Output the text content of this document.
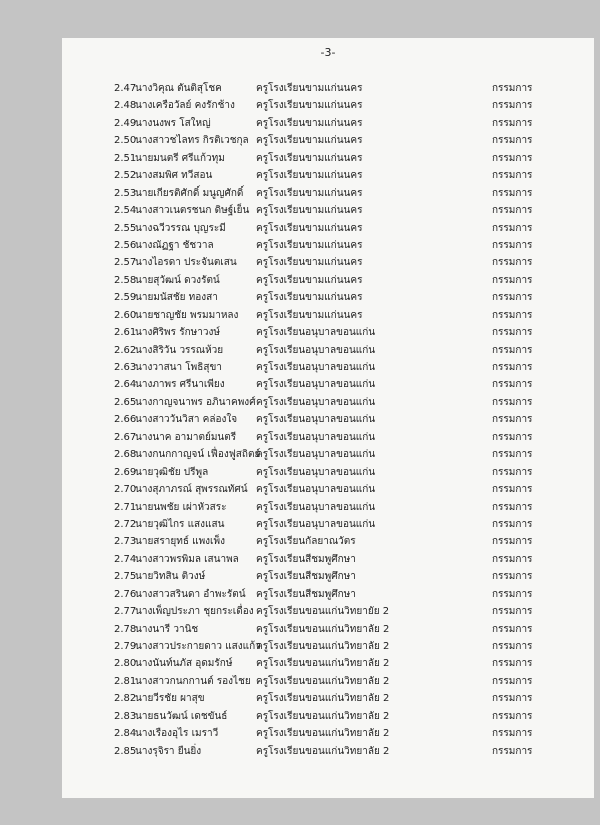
-3-
2.47
นางวิคุณ ตันติสุโชค	ครูโรงเรียนขามแก่นนคร	กรรมการ
2.48
นางเครือวัลย์ คงรักช้าง ครูโรงเรียนขามแก่นนคร	กรรมการ
2.49
นางนงพร โสใหญ่	ครูโรงเรียนขามแก่นนคร	กรรมการ
2.50
นางสาวชไลทร กิรติเวชกุล ครูโรงเรียนขามแก่นนคร	กรรมการ
2.51
นายมนตรี ศรีแก้วทุม	ครูโรงเรียนขามแก่นนคร	กรรมการ
2.52
นางสมพิศ ทวีสอน	ครูโรงเรียนขามแก่นนคร	กรรมการ
2.53
นายเกียรติศักดิ์ มนูญศักดิ์ ครูโรงเรียนขามแก่นนคร	กรรมการ
2.54
นางสาวเนตรชนก ดิษฐ์เย็น ครูโรงเรียนขามแก่นนคร	กรรมการ
2.55
นางฉวีวรรณ บุญระมี	ครูโรงเรียนขามแก่นนคร	กรรมการ
2.56
นางณัฏฐา ชัชวาล	ครูโรงเรียนขามแก่นนคร	กรรมการ
2.57
นางไอรดา ประจันตเสน ครูโรงเรียนขามแก่นนคร	กรรมการ
2.58
นายสุวัฒน์ ดวงรัตน์	ครูโรงเรียนขามแก่นนคร	กรรมการ
2.59
นายมนัสชัย ทองสา	ครูโรงเรียนขามแก่นนคร	กรรมการ
2.60
นายชาญชัย พรมมาหลง ครูโรงเรียนขามแก่นนคร	กรรมการ
2.61
นางศิริพร รักษาวงษ์	ครูโรงเรียนอนุบาลขอนแก่น	กรรมการ
2.62
นางสิริวัน วรรณห้วย	ครูโรงเรียนอนุบาลขอนแก่น	กรรมการ
2.63
นางวาสนา โพธิสุขา	ครูโรงเรียนอนุบาลขอนแก่น	กรรมการ
2.64
นางภาพร ศรีนาเพียง	ครูโรงเรียนอนุบาลขอนแก่น	กรรมการ
2.65
นางกาญจนาพร อภินาคพงศ์ ครูโรงเรียนอนุบาลขอนแก่น	กรรมการ
2.66
นางสาววันวิสา คล่องใจ ครูโรงเรียนอนุบาลขอนแก่น	กรรมการ
2.67
นางนาค อามาตย์มนตรี ครูโรงเรียนอนุบาลขอนแก่น	กรรมการ
2.68
นางกนกกาญจน์ เฟื่องฟูสถิตย์
ครูโรงเรียนอนุบาลขอนแก่น	กรรมการ
2.69
นายวุฒิชัย ปรีพูล	ครูโรงเรียนอนุบาลขอนแก่น	กรรมการ
2.70
นางสุภาภรณ์ สุพรรณทัศน์ ครูโรงเรียนอนุบาลขอนแก่น	กรรมการ
2.71
นายนพชัย เผ่าหัวสระ	ครูโรงเรียนอนุบาลขอนแก่น	กรรมการ
2.72
นายวุฒิไกร แสงแสน	ครูโรงเรียนอนุบาลขอนแก่น	กรรมการ
2.73
นายสรายุทธ์ แพงเพ็ง	ครูโรงเรียนกัลยาณวัตร	กรรมการ
2.74
นางสาวพรพิมล เสนาพล ครูโรงเรียนสีชมพูศึกษา	กรรมการ
2.75
นายวิทสิน ติวงษ์	ครูโรงเรียนสีชมพูศึกษา	กรรมการ
2.76
นางสาวสรินดา อำพะรัตน์ ครูโรงเรียนสีชมพูศึกษา	กรรมการ
2.77
นางเพ็ญประภา ชุยกระเดื่อง ครูโรงเรียนขอนแก่นวิทยายัย 2	กรรมการ
2.78
นางนารี วานิช	ครูโรงเรียนขอนแก่นวิทยาลัย 2	กรรมการ
2.79
นางสาวประกายดาว แสงแก้ว
ครูโรงเรียนขอนแก่นวิทยาลัย 2	กรรมการ
2.80
นางนันท์นภัส อุดมรักษ์ ครูโรงเรียนขอนแก่นวิทยาลัย 2	กรรมการ
2.81
นางสาวกนกกานต์ รองไชย ครูโรงเรียนขอนแก่นวิทยาลัย 2	กรรมการ
2.82
นายวีรชัย ผาสุข	ครูโรงเรียนขอนแก่นวิทยาลัย 2	กรรมการ
2.83
นายธนวัฒน์ เดชขันธ์	ครูโรงเรียนขอนแก่นวิทยาลัย 2	กรรมการ
2.84
นางเรืองอุไร เมราวี	ครูโรงเรียนขอนแก่นวิทยาลัย 2	กรรมการ
2.85
นางรุจิรา ยืนยิ่ง	ครูโรงเรียนขอนแก่นวิทยาลัย 2	กรรมการ
